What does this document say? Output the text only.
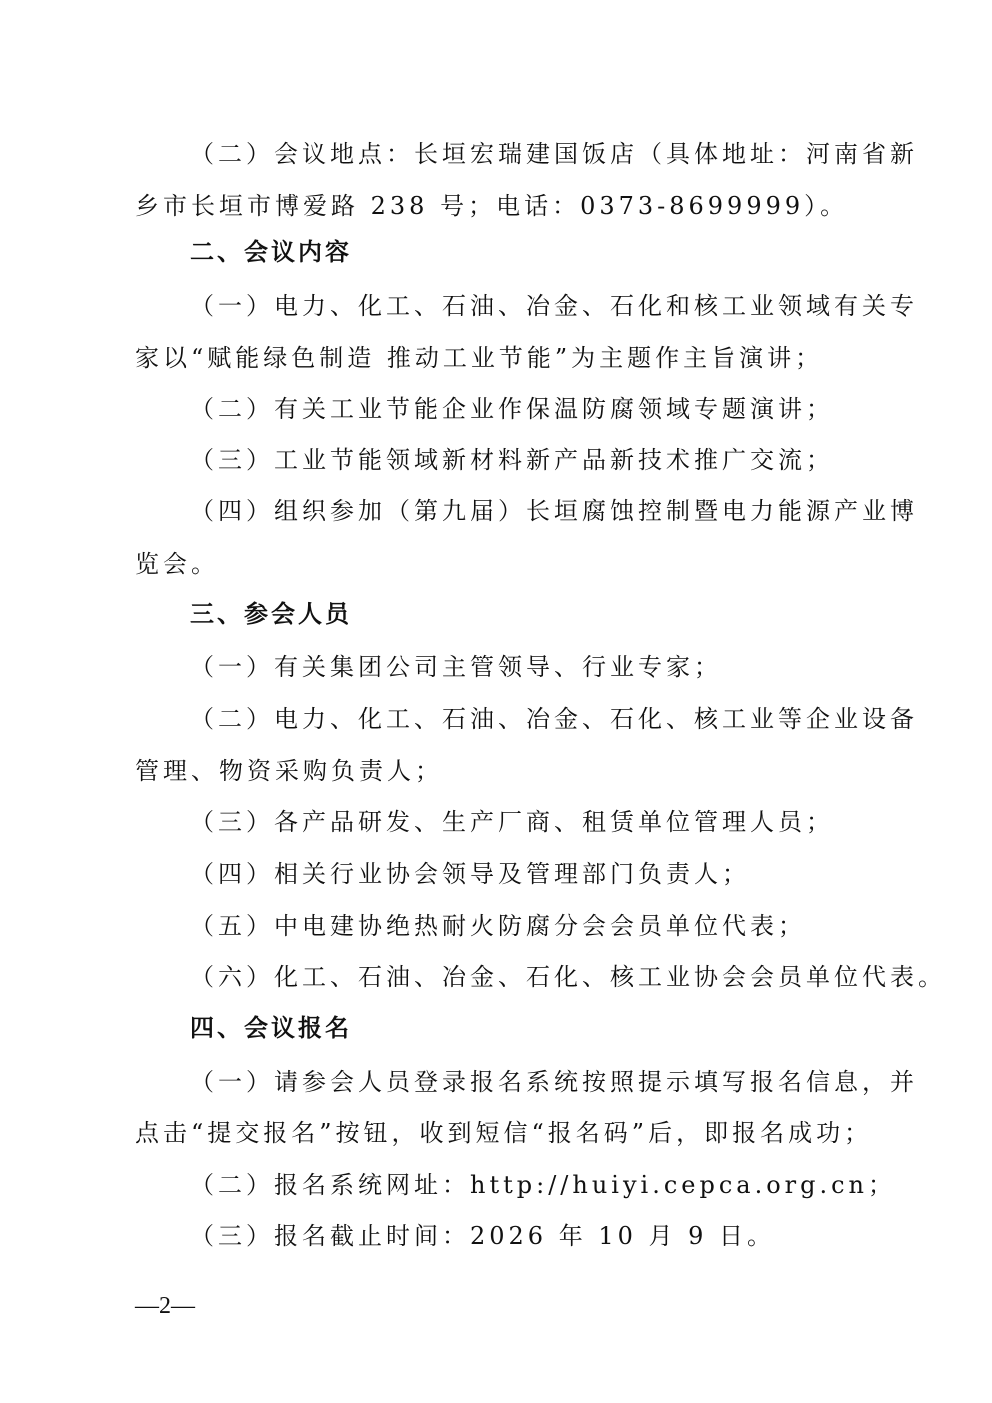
（二）会议地点：长垣宏瑞建国饭店（具体地址：河南省新
乡市长垣市博爱路 238 号；电话：0373-8699999）。
二、会议内容
（一）电力、化工、石油、冶金、石化和核工业领域有关专
家以“赋能绿色制造 推动工业节能”为主题作主旨演讲；
（二）有关工业节能企业作保温防腐领域专题演讲；
（三）工业节能领域新材料新产品新技术推广交流；
（四）组织参加（第九届）长垣腐蚀控制暨电力能源产业博
览会。
三、参会人员
（一）有关集团公司主管领导、行业专家；
（二）电力、化工、石油、冶金、石化、核工业等企业设备
管理、物资采购负责人；
（三）各产品研发、生产厂商、租赁单位管理人员；
（四）相关行业协会领导及管理部门负责人；
（五）中电建协绝热耐火防腐分会会员单位代表；
（六）化工、石油、冶金、石化、核工业协会会员单位代表。
四、会议报名
（一）请参会人员登录报名系统按照提示填写报名信息，并
点击“提交报名”按钮，收到短信“报名码”后，即报名成功；
（二）报名系统网址：http://huiyi.cepca.org.cn；
（三）报名截止时间：2026 年 10 月 9 日。
—2—
